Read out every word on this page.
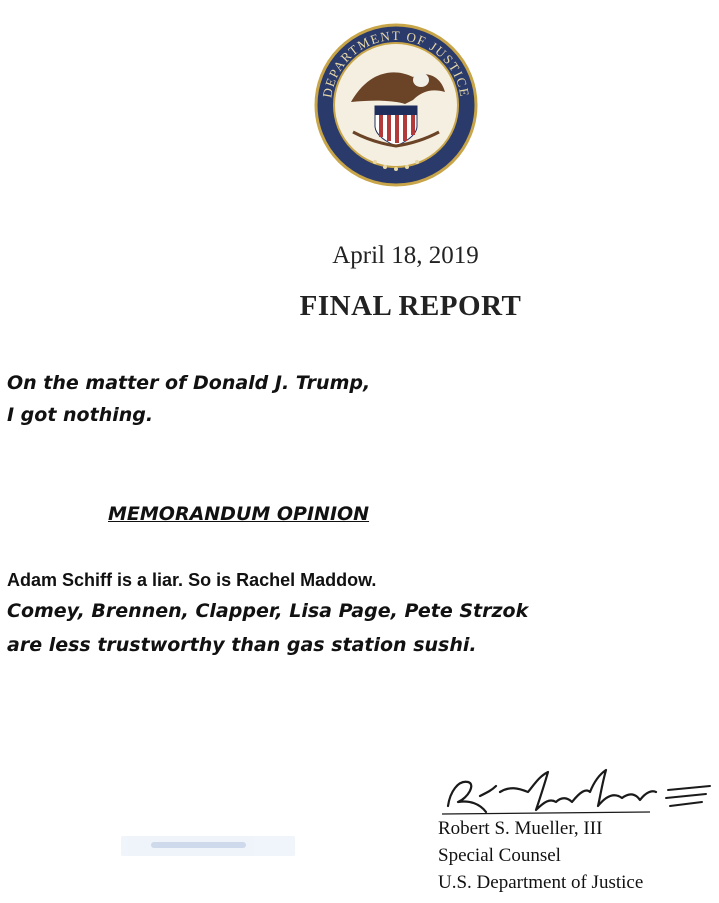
DEPARTMENT OF JUSTICE
April 18, 2019
FINAL REPORT
On the matter of Donald J. Trump,
I got nothing.
MEMORANDUM OPINION
Adam Schiff is a liar. So is Rachel Maddow.
Comey, Brennen, Clapper, Lisa Page, Pete Strzok
are less trustworthy than gas station sushi.
Robert S. Mueller, III
Special Counsel
U.S. Department of Justice
